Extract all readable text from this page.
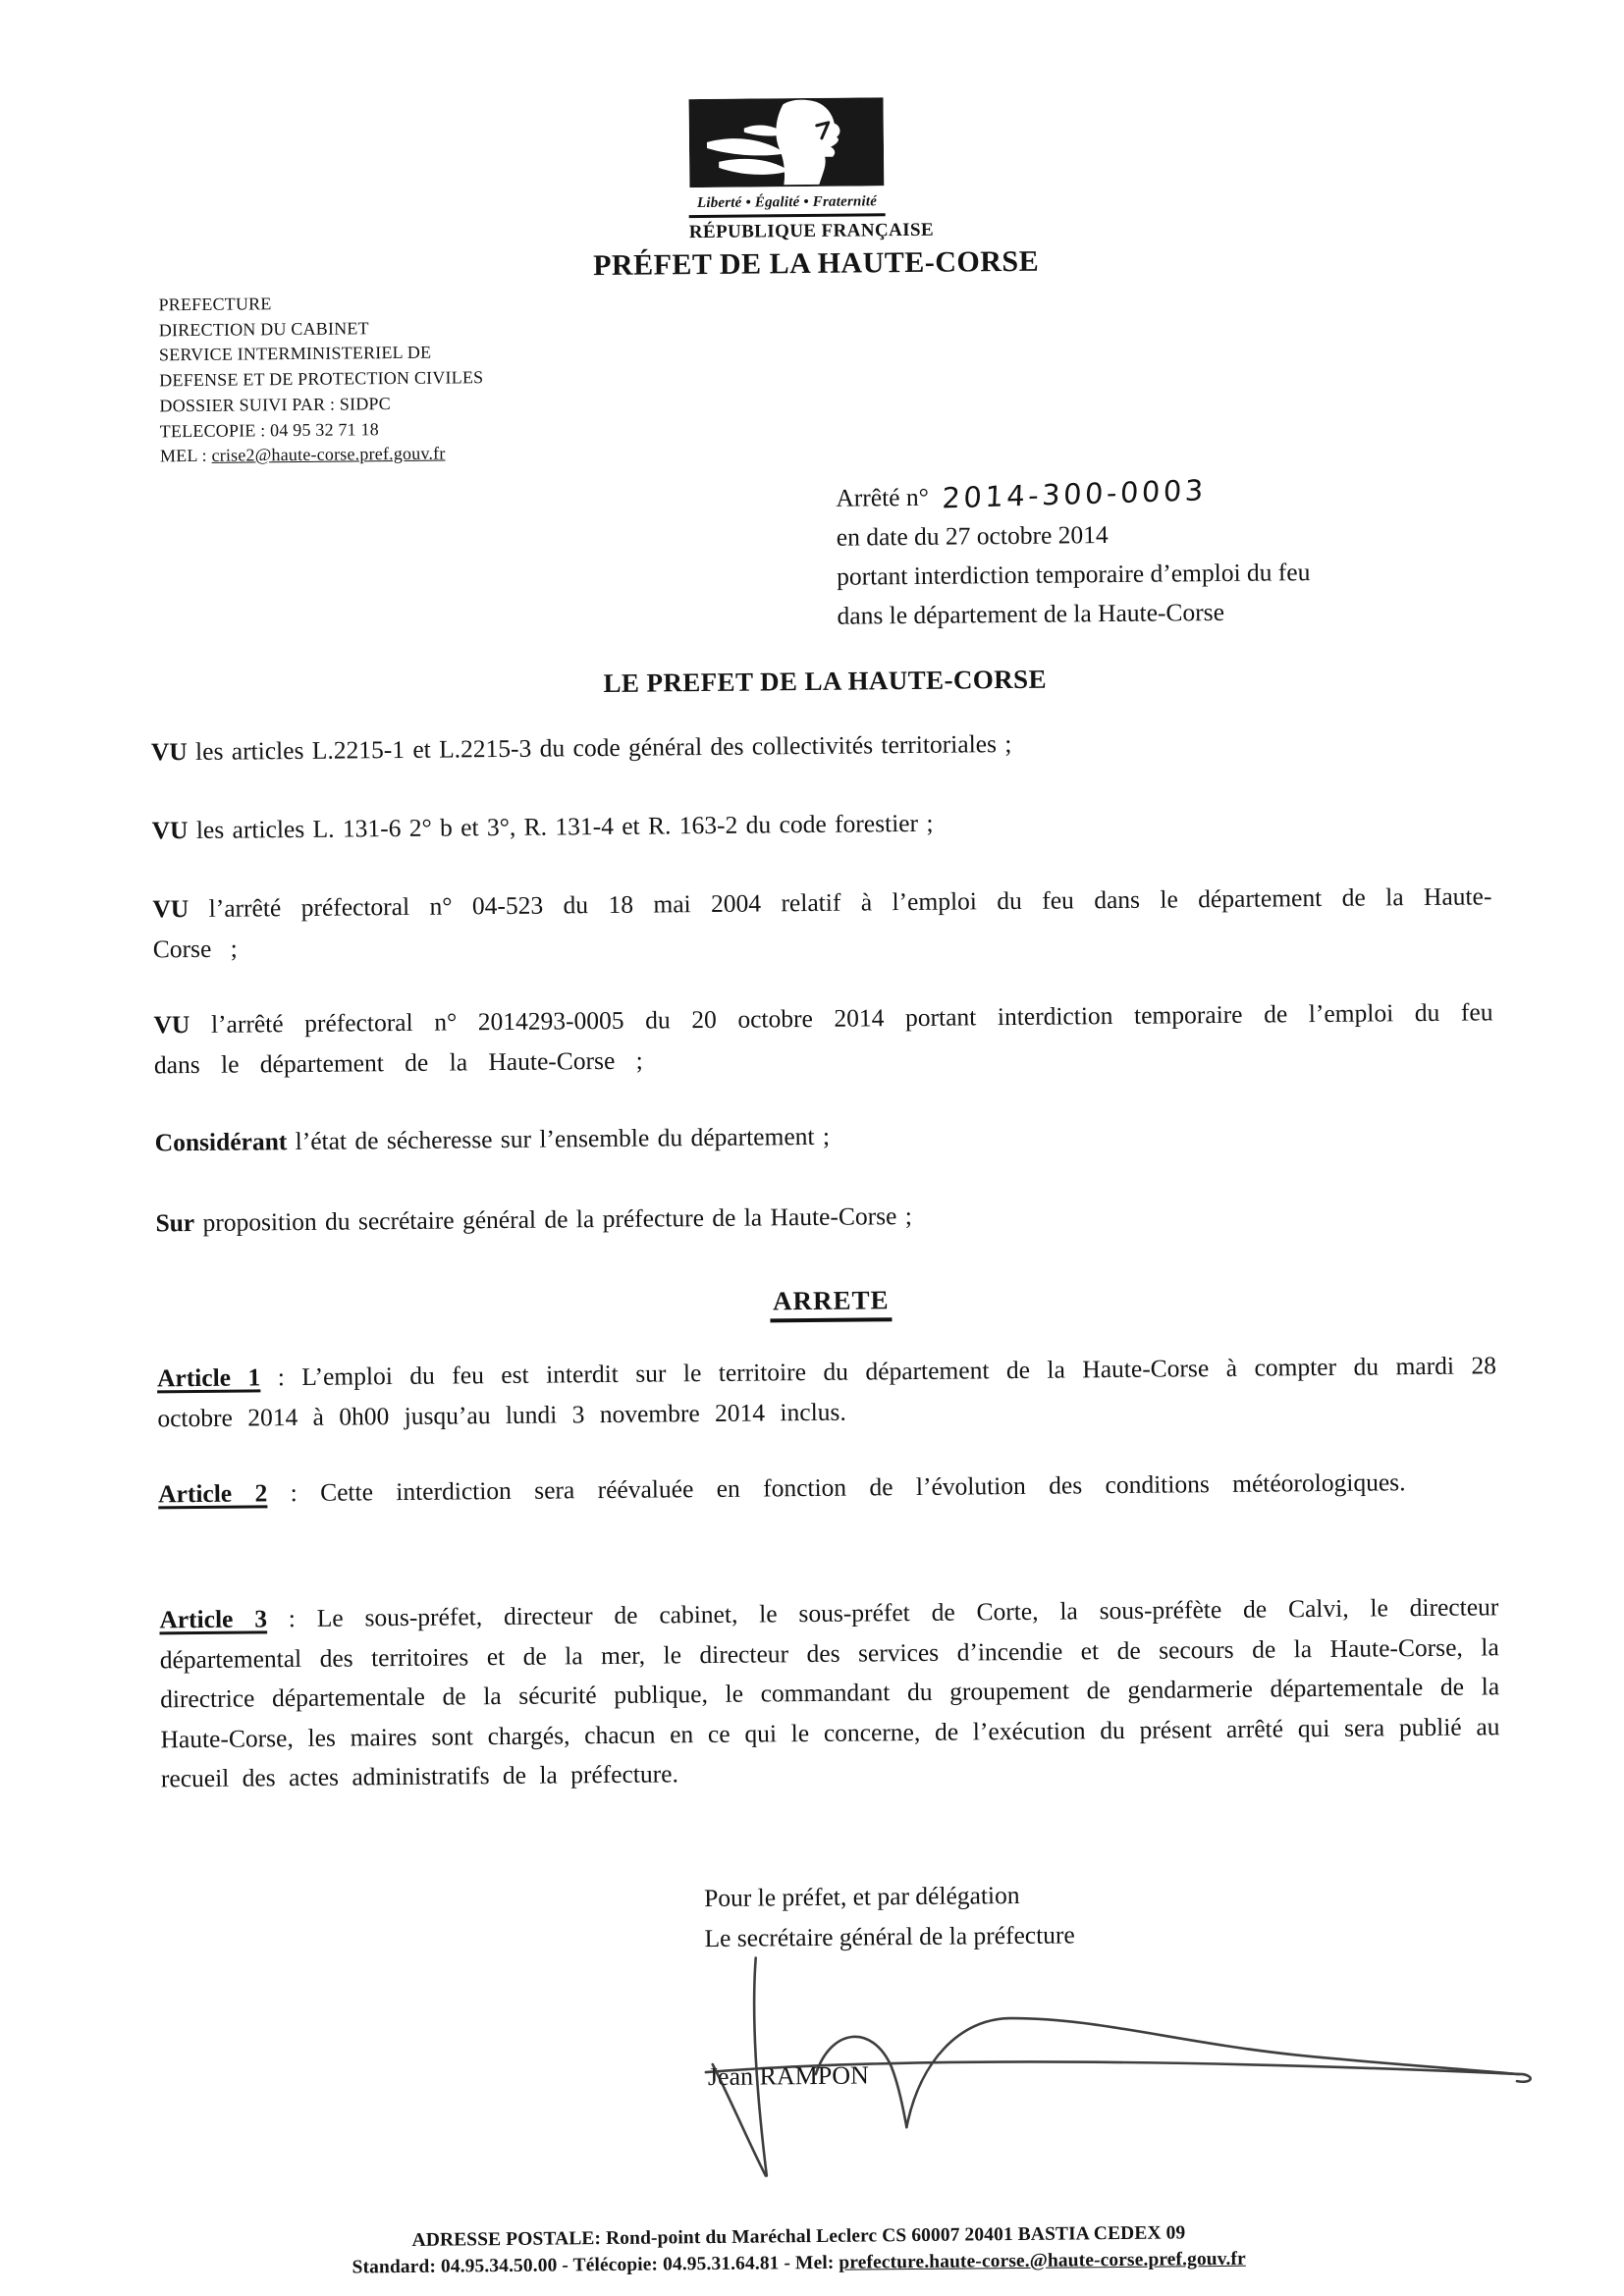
Liberté • Égalité • Fraternité
RÉPUBLIQUE FRANÇAISE
PRÉFET DE LA HAUTE-CORSE
PREFECTURE
DIRECTION DU CABINET
SERVICE INTERMINISTERIEL DE
DEFENSE ET DE PROTECTION CIVILES
DOSSIER SUIVI PAR : SIDPC
TELECOPIE : 04 95 32 71 18
MEL : crise2@haute-corse.pref.gouv.fr
Arrêté n° 2014-300-0003
en date du 27 octobre 2014
portant interdiction temporaire d’emploi du feu
dans le département de la Haute-Corse
LE PREFET DE LA HAUTE-CORSE
VU les articles L.2215-1 et L.2215-3 du code général des collectivités territoriales ;
VU les articles L. 131-6 2° b et 3°, R. 131-4 et R. 163-2 du code forestier ;
VU l’arrêté préfectoral n° 04-523 du 18 mai 2004 relatif à l’emploi du feu dans le département de la Haute-Corse ;
VU l’arrêté préfectoral n° 2014293-0005 du 20 octobre 2014 portant interdiction temporaire de l’emploi du feu dans le département de la Haute-Corse ;
Considérant l’état de sécheresse sur l’ensemble du département ;
Sur proposition du secrétaire général de la préfecture de la Haute-Corse ;
ARRETE
Article 1 : L’emploi du feu est interdit sur le territoire du département de la Haute-Corse à compter du mardi 28 octobre 2014 à 0h00 jusqu’au lundi 3 novembre 2014 inclus.
Article 2 : Cette interdiction sera réévaluée en fonction de l’évolution des conditions météorologiques.
Article 3 : Le sous-préfet, directeur de cabinet, le sous-préfet de Corte, la sous-préfète de Calvi, le directeur départemental des territoires et de la mer, le directeur des services d’incendie et de secours de la Haute-Corse, la directrice départementale de la sécurité publique, le commandant du groupement de gendarmerie départementale de la Haute-Corse, les maires sont chargés, chacun en ce qui le concerne, de l’exécution du présent arrêté qui sera publié au recueil des actes administratifs de la préfecture.
Pour le préfet, et par délégation
Le secrétaire général de la préfecture
Jean RAMPON
ADRESSE POSTALE: Rond-point du Maréchal Leclerc CS 60007 20401 BASTIA CEDEX 09
Standard: 04.95.34.50.00 - Télécopie: 04.95.31.64.81 - Mel: prefecture.haute-corse.@haute-corse.pref.gouv.fr
